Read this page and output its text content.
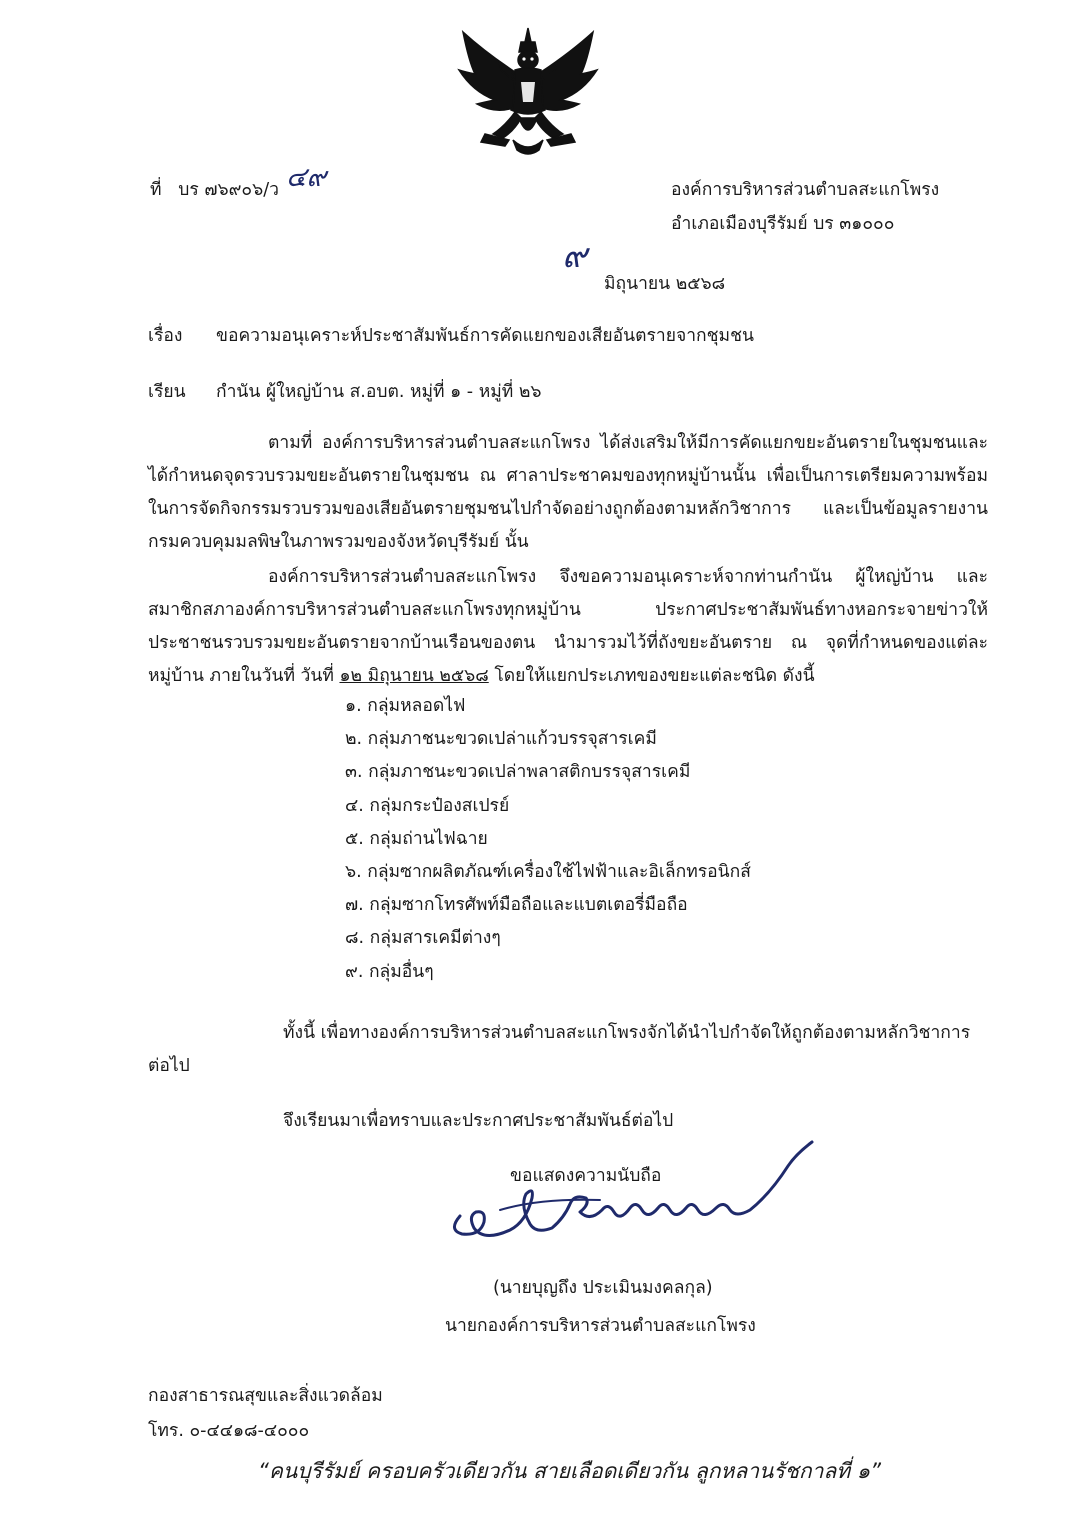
ที่ บร ๗๖๙๐๖/ว ๔๙	องค์การบริหารส่วนตำบลสะแกโพรง
อำเภอเมืองบุรีรัมย์ บร ๓๑๐๐๐
๙
มิถุนายน ๒๕๖๘
เรื่อง ขอความอนุเคราะห์ประชาสัมพันธ์การคัดแยกของเสียอันตรายจากชุมชน
เรียน กำนัน ผู้ใหญ่บ้าน ส.อบต. หมู่ที่ ๑ - หมู่ที่ ๒๖
ตามที่ องค์การบริหารส่วนตำบลสะแกโพรง ได้ส่งเสริมให้มีการคัดแยกขยะอันตรายในชุมชนและได้กำหนดจุดรวบรวมขยะอันตรายในชุมชน ณ ศาลาประชาคมของทุกหมู่บ้านนั้น เพื่อเป็นการเตรียมความพร้อมในการจัดกิจกรรมรวบรวมของเสียอันตรายชุมชนไปกำจัดอย่างถูกต้องตามหลักวิชาการ และเป็นข้อมูลรายงานกรมควบคุมมลพิษในภาพรวมของจังหวัดบุรีรัมย์ นั้น
องค์การบริหารส่วนตำบลสะแกโพรง จึงขอความอนุเคราะห์จากท่านกำนัน ผู้ใหญ่บ้าน และสมาชิกสภาองค์การบริหารส่วนตำบลสะแกโพรงทุกหมู่บ้าน ประกาศประชาสัมพันธ์ทางหอกระจายข่าวให้ประชาชนรวบรวมขยะอันตรายจากบ้านเรือนของตน นำมารวมไว้ที่ถังขยะอันตราย ณ จุดที่กำหนดของแต่ละหมู่บ้าน ภายในวันที่ วันที่ ๑๒ มิถุนายน ๒๕๖๘ โดยให้แยกประเภทของขยะแต่ละชนิด ดังนี้
๑. กลุ่มหลอดไฟ
๒. กลุ่มภาชนะขวดเปล่าแก้วบรรจุสารเคมี
๓. กลุ่มภาชนะขวดเปล่าพลาสติกบรรจุสารเคมี
๔. กลุ่มกระป๋องสเปรย์
๕. กลุ่มถ่านไฟฉาย
๖. กลุ่มซากผลิตภัณฑ์เครื่องใช้ไฟฟ้าและอิเล็กทรอนิกส์
๗. กลุ่มซากโทรศัพท์มือถือและแบตเตอรี่มือถือ
๘. กลุ่มสารเคมีต่างๆ
๙. กลุ่มอื่นๆ
ทั้งนี้ เพื่อทางองค์การบริหารส่วนตำบลสะแกโพรงจักได้นำไปกำจัดให้ถูกต้องตามหลักวิชาการ
ต่อไป
จึงเรียนมาเพื่อทราบและประกาศประชาสัมพันธ์ต่อไป
ขอแสดงความนับถือ
(นายบุญถึง ประเมินมงคลกุล)
นายกองค์การบริหารส่วนตำบลสะแกโพรง
กองสาธารณสุขและสิ่งแวดล้อม
โทร. ๐-๔๔๑๘-๔๐๐๐
“คนบุรีรัมย์ ครอบครัวเดียวกัน สายเลือดเดียวกัน ลูกหลานรัชกาลที่ ๑”
